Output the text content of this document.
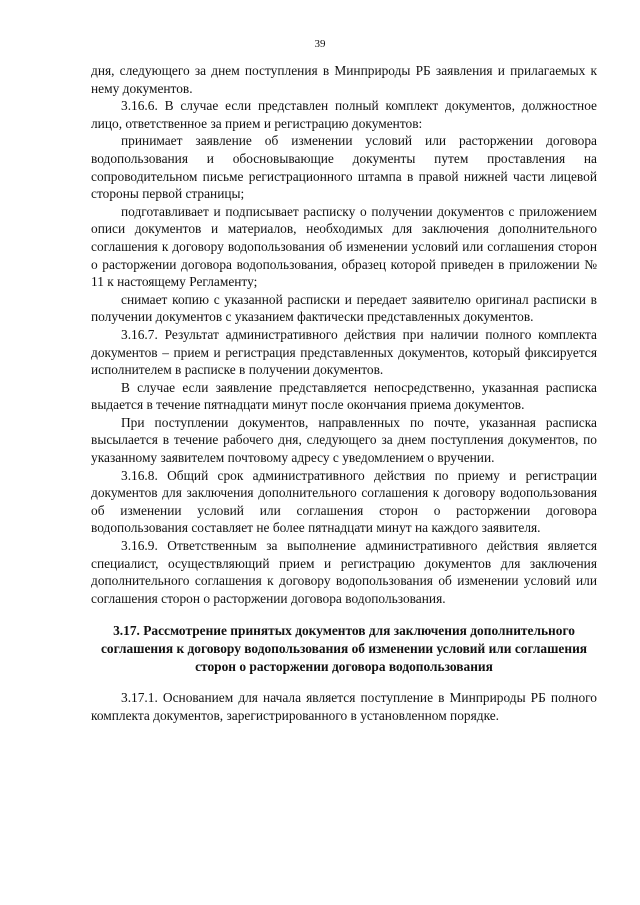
39

дня, следующего за днем поступления в Минприроды РБ заявления и прилагаемых к нему документов.

3.16.6. В случае если представлен полный комплект документов, должностное лицо, ответственное за прием и регистрацию документов:

принимает заявление об изменении условий или расторжении договора водопользования и обосновывающие документы путем проставления на сопроводительном письме регистрационного штампа в правой нижней части лицевой стороны первой страницы;

подготавливает и подписывает расписку о получении документов с приложением описи документов и материалов, необходимых для заключения дополнительного соглашения к договору водопользования об изменении условий или соглашения сторон о расторжении договора водопользования, образец которой приведен в приложении № 11 к настоящему Регламенту;

снимает копию с указанной расписки и передает заявителю оригинал расписки в получении документов с указанием фактически представленных документов.

3.16.7. Результат административного действия при наличии полного комплекта документов – прием и регистрация представленных документов, который фиксируется исполнителем в расписке в получении документов.

В случае если заявление представляется непосредственно, указанная расписка выдается в течение пятнадцати минут после окончания приема документов.

При поступлении документов, направленных по почте, указанная расписка высылается в течение рабочего дня, следующего за днем поступления документов, по указанному заявителем почтовому адресу с уведомлением о вручении.

3.16.8. Общий срок административного действия по приему и регистрации документов для заключения дополнительного соглашения к договору водопользования об изменении условий или соглашения сторон о расторжении договора водопользования составляет не более пятнадцати минут на каждого заявителя.

3.16.9. Ответственным за выполнение административного действия является специалист, осуществляющий прием и регистрацию документов для заключения дополнительного соглашения к договору водопользования об изменении условий или соглашения сторон о расторжении договора водопользования.

3.17. Рассмотрение принятых документов для заключения дополнительного соглашения к договору водопользования об изменении условий или соглашения сторон о расторжении договора водопользования

3.17.1. Основанием для начала является поступление в Минприроды РБ полного комплекта документов, зарегистрированного в установленном порядке.
